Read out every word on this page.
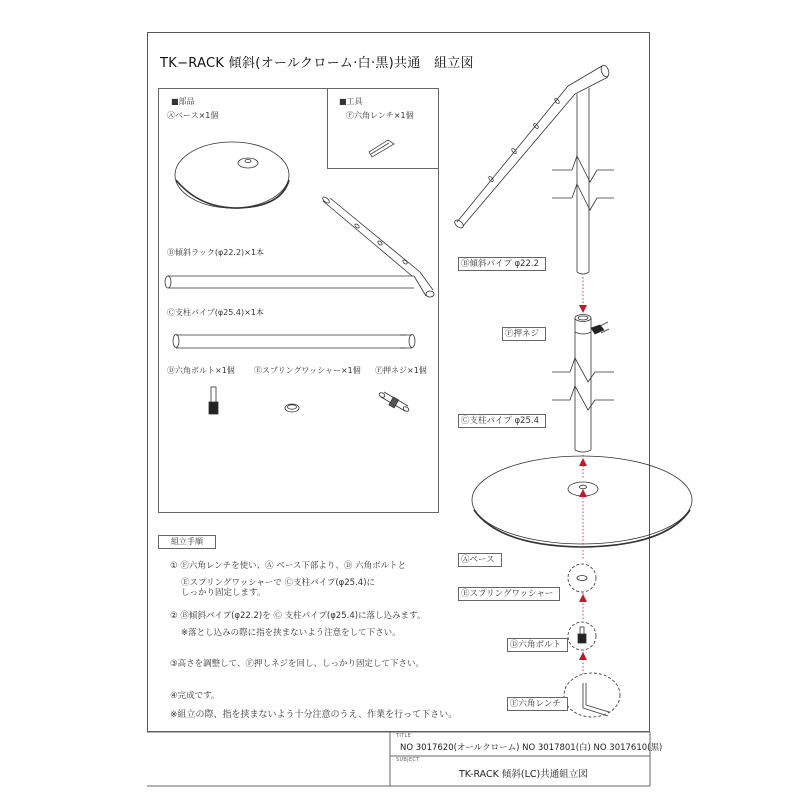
TK−RACK 傾斜(オールクローム·白·黒)共通　組立図
■部品
Ⓐベース×1個
■工具
Ⓕ六角レンチ×1個
Ⓑ傾斜ラック(φ22.2)×1本
Ⓒ支柱パイプ(φ25.4)×1本
Ⓓ六角ボルト×1個 Ⓔスプリングワッシャー×1個 Ⓕ押ネジ×1個
Ⓑ傾斜パイプ φ22.2
Ⓕ押ネジ
Ⓒ支柱パイプ φ25.4
Ⓐベース
Ⓔスプリングワッシャー
Ⓓ六角ボルト
Ⓕ六角レンチ
組立手順
① Ⓕ六角レンチを使い、Ⓐ ベース下部より、Ⓓ 六角ボルトと
Ⓔスプリングワッシャーで Ⓒ支柱パイプ(φ25.4)に
しっかり固定します。
② Ⓑ傾斜パイプ(φ22.2)を Ⓒ 支柱パイプ(φ25.4)に落し込みます。
※落とし込みの際に指を挟まないよう注意をして下さい。
③高さを調整して、Ⓕ押しネジを回し、しっかり固定して下さい。
④完成です。
※組立の際、指を挟まないよう十分注意のうえ、作業を行って下さい。
TITLE
NO 3017620(オールクローム) NO 3017801(白) NO 3017610(黒)
SUBJECT
TK-RACK 傾斜(LC)共通組立図
